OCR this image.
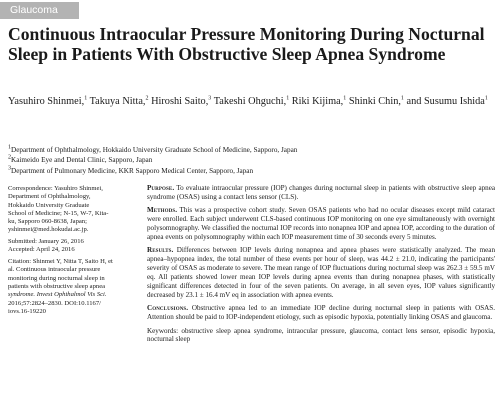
Glaucoma
Continuous Intraocular Pressure Monitoring During Nocturnal Sleep in Patients With Obstructive Sleep Apnea Syndrome
Yasuhiro Shinmei,$^1$ Takuya Nitta,$^2$ Hiroshi Saito,$^3$ Takeshi Ohguchi,$^1$ Riki Kijima,$^1$ Shinki Chin,$^1$ and Susumu Ishida$^1$
$^1$Department of Ophthalmology, Hokkaido University Graduate School of Medicine, Sapporo, Japan
$^2$Kaimeido Eye and Dental Clinic, Sapporo, Japan
$^3$Department of Pulmonary Medicine, KKR Sapporo Medical Center, Sapporo, Japan
Correspondence: Yasuhiro Shinmei,
Department of Ophthalmology,
Hokkaido University Graduate
School of Medicine; N-15, W-7, Kita-
ku, Sapporo 060-8638, Japan;
yshinmei@med.hokudai.ac.jp.
Submitted: January 26, 2016
Accepted: April 24, 2016
Citation: Shinmei Y, Nitta T, Saito H, et
al. Continuous intraocular pressure
monitoring during nocturnal sleep in
patients with obstructive sleep apnea
syndrome. Invest Ophthalmol Vis Sci.
2016;57:2824–2830. DOI:10.1167/
iovs.16-19220

Purpose. To evaluate intraocular pressure (IOP) changes during nocturnal sleep in patients with obstructive sleep apnea syndrome (OSAS) using a contact lens sensor (CLS).

Methods. This was a prospective cohort study. Seven OSAS patients who had no ocular diseases except mild cataract were enrolled. Each subject underwent CLS-based continuous IOP monitoring on one eye simultaneously with overnight polysomnography. We classified the nocturnal IOP records into nonapnea IOP and apnea IOP, according to the duration of apnea events on polysomnography within each IOP measurement time of 30 seconds every 5 minutes.

Results. Differences between IOP levels during nonapnea and apnea phases were statistically analyzed. The mean apnea–hypopnea index, the total number of these events per hour of sleep, was 44.2 ± 21.0, indicating the participants' severity of OSAS as moderate to severe. The mean range of IOP fluctuations during nocturnal sleep was 262.3 ± 59.5 mV eq. All patients showed lower mean IOP levels during apnea events than during nonapnea phases, with statistically significant differences detected in four of the seven patients. On average, in all seven eyes, IOP values significantly decreased by 23.1 ± 16.4 mV eq in association with apnea events.

Conclusions. Obstructive apnea led to an immediate IOP decline during nocturnal sleep in patients with OSAS. Attention should be paid to IOP-independent etiology, such as episodic hypoxia, potentially linking OSAS and glaucoma.

Keywords: obstructive sleep apnea syndrome, intraocular pressure, glaucoma, contact lens sensor, episodic hypoxia, nocturnal sleep
